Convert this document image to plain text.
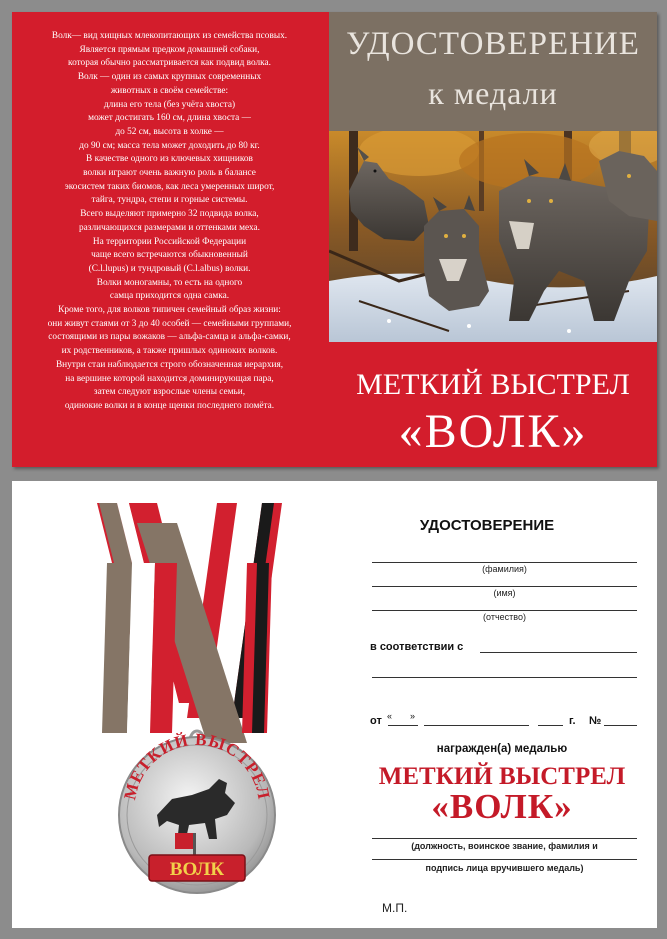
Волк— вид хищных млекопитающих из семейства псовых.
Является прямым предком домашней собаки,
которая обычно рассматривается как подвид волка.
Волк — один из самых крупных современных
животных в своём семействе:
длина его тела (без учёта хвоста)
может достигать 160 см, длина хвоста —
до 52 см, высота в холке —
до 90 см; масса тела может доходить до 80 кг.
В качестве одного из ключевых хищников
волки играют очень важную роль в балансе
экосистем таких биомов, как леса умеренных широт,
тайга, тундра, степи и горные системы.
Всего выделяют примерно 32 подвида волка,
различающихся размерами и оттенками меха.
На территории Российской Федерации
чаще всего встречаются обыкновенный
(C.l.lupus) и тундровый (C.l.albus) волки.
Волки моногамны, то есть на одного
самца приходится одна самка.
Кроме того, для волков типичен семейный образ жизни:
они живут стаями от 3 до 40 особей — семейными группами,
состоящими из пары вожаков — альфа-самца и альфа-самки,
их родственников, а также пришлых одиноких волков.
Внутри стаи наблюдается строго обозначенная иерархия,
на вершине которой находится доминирующая пара,
затем следуют взрослые члены семьи,
одинокие волки и в конце щенки последнего помёта.
УДОСТОВЕРЕНИЕ
к медали
МЕТКИЙ ВЫСТРЕЛ
«ВОЛК»
МЕТКИЙ ВЫСТРЕЛ
ВОЛК
УДОСТОВЕРЕНИЕ
(фамилия)
(имя)
(отчество)
в соответствии с
от « »	г. №
награжден(а) медалью
МЕТКИЙ ВЫСТРЕЛ
«ВОЛК»
(должность, воинское звание, фамилия и
подпись лица вручившего медаль)
М.П.
